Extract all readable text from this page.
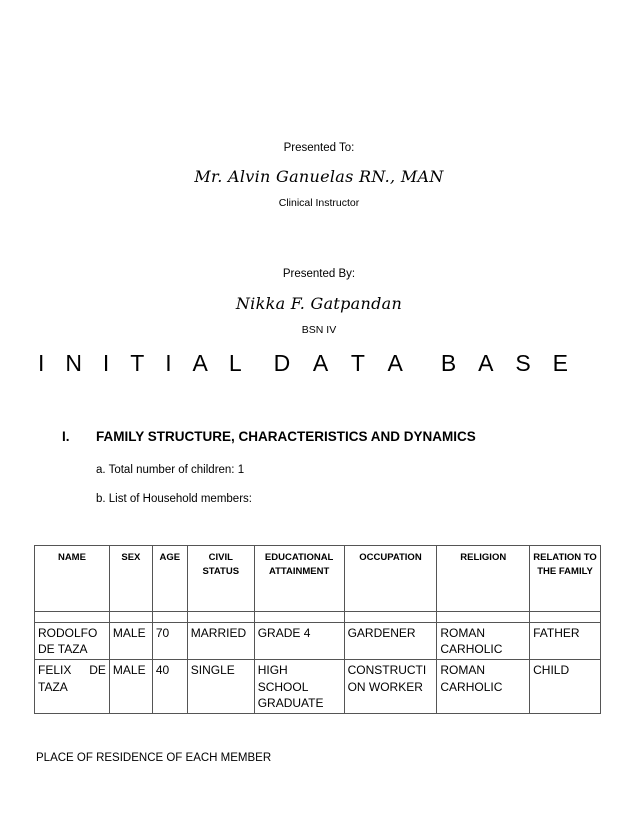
Presented To:
Mr. Alvin Ganuelas RN., MAN
Clinical Instructor
Presented By:
Nikka F. Gatpandan
BSN IV
I N I T I A L D A T A B A S E
I. FAMILY STRUCTURE, CHARACTERISTICS AND DYNAMICS
a. Total number of children: 1
b. List of Household members:
NAME	SEX	AGE	CIVIL STATUS	EDUCATIONAL ATTAINMENT	OCCUPATION	RELIGION	RELATION TO THE FAMILY

RODOLFO DE TAZA	MALE	70	MARRIED	GRADE 4	GARDENER	ROMAN CARHOLIC	FATHER
FELIX DE TAZA	MALE	40	SINGLE	HIGH SCHOOL GRADUATE	CONSTRUCTION WORKER	ROMAN CARHOLIC	CHILD
PLACE OF RESIDENCE OF EACH MEMBER
